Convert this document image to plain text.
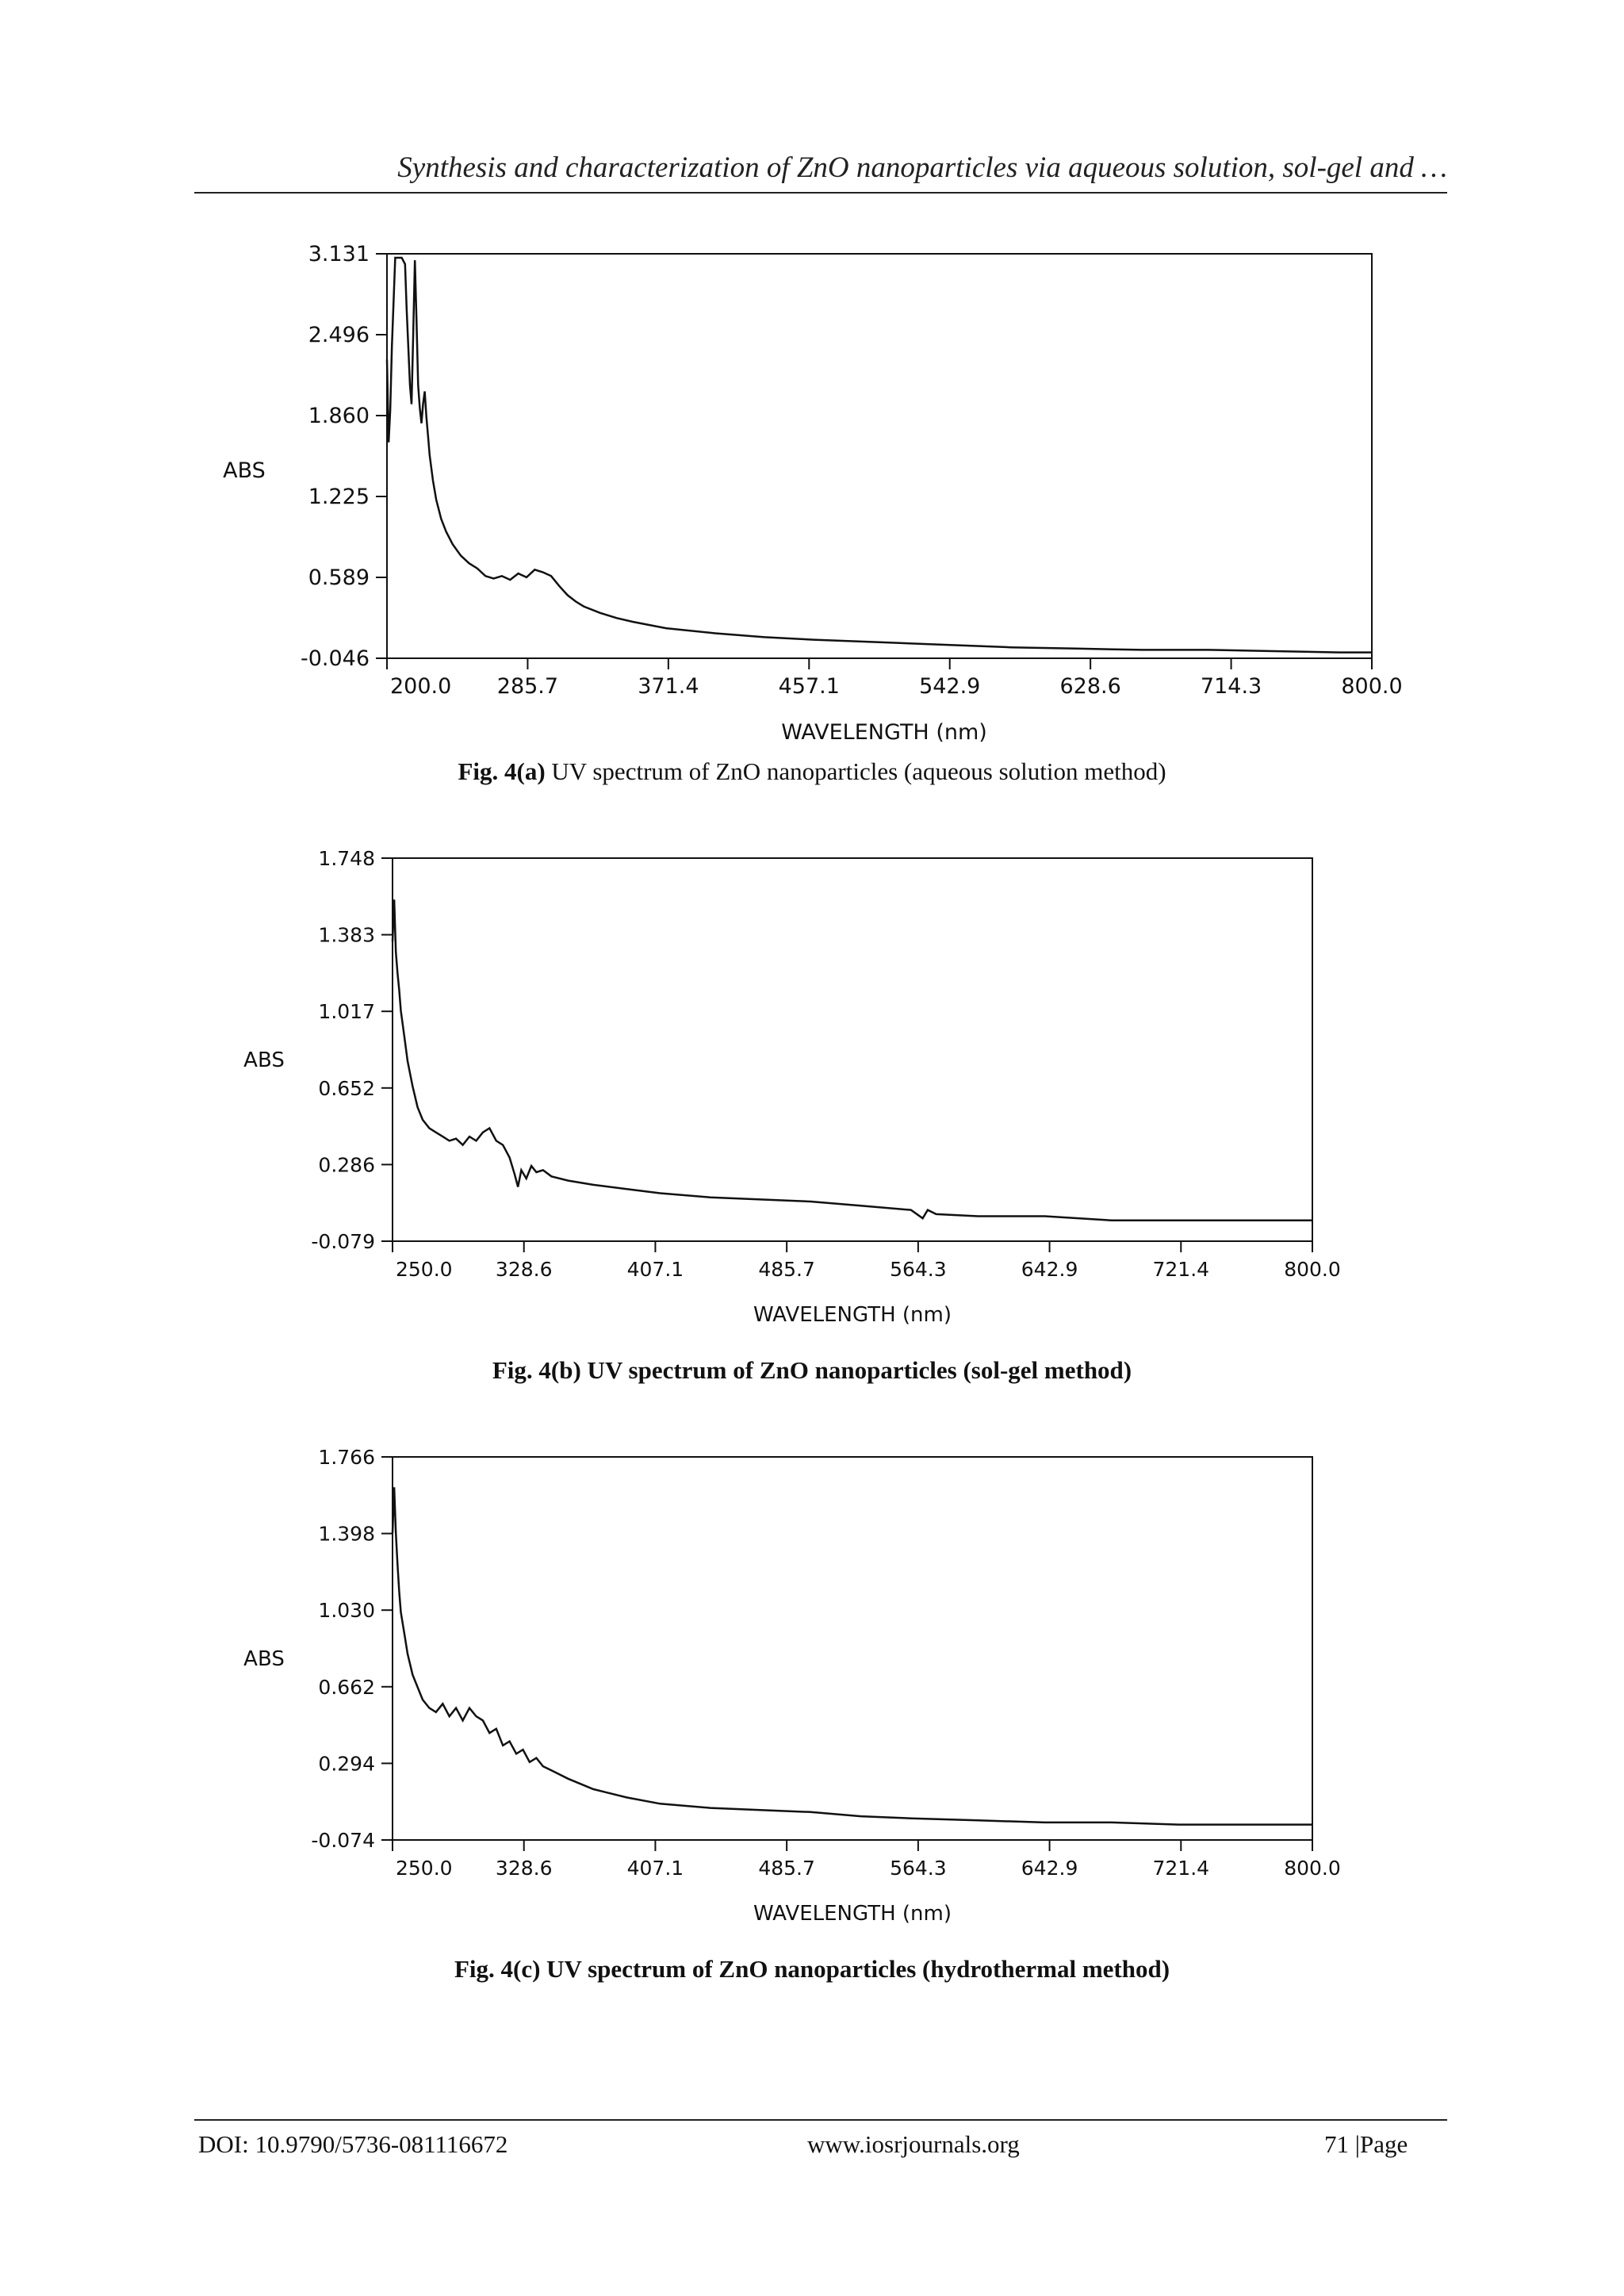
Synthesis and characterization of ZnO nanoparticles via aqueous solution, sol-gel and …
3.131
2.496
1.860
1.225
0.589
-0.046
200.0 285.7	371.4	457.1	542.9	628.6	714.3	800.0
ABS
WAVELENGTH (nm)
Fig. 4(a) UV spectrum of ZnO nanoparticles (aqueous solution method)
1.748
1.383
1.017
0.652
0.286
-0.079
250.0 328.6	407.1	485.7	564.3	642.9	721.4	800.0
ABS
WAVELENGTH (nm)
Fig. 4(b) UV spectrum of ZnO nanoparticles (sol-gel method)
1.766
1.398
1.030
0.662
0.294
-0.074
250.0 328.6	407.1	485.7	564.3	642.9	721.4	800.0
ABS
WAVELENGTH (nm)
Fig. 4(c) UV spectrum of ZnO nanoparticles (hydrothermal method)
DOI: 10.9790/5736-081116672	www.iosrjournals.org	71 |Page
